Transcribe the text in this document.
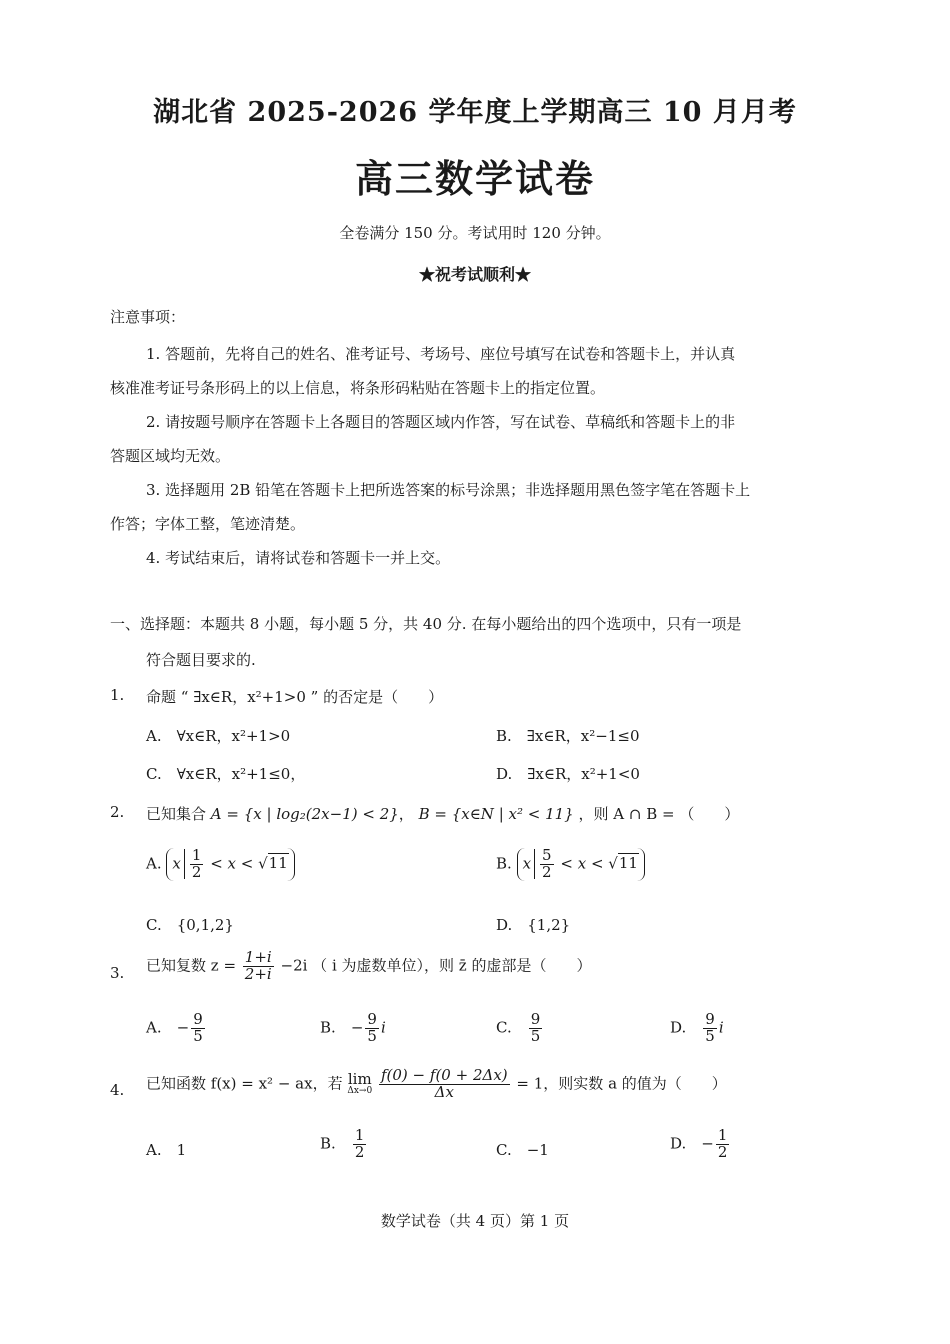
湖北省 2025-2026 学年度上学期高三 10 月月考
高三数学试卷
全卷满分 150 分。考试用时 120 分钟。
★祝考试顺利★
注意事项：
1. 答题前，先将自己的姓名、准考证号、考场号、座位号填写在试卷和答题卡上，并认真
核准准考证号条形码上的以上信息，将条形码粘贴在答题卡上的指定位置。
2. 请按题号顺序在答题卡上各题目的答题区域内作答，写在试卷、草稿纸和答题卡上的非
答题区域均无效。
3. 选择题用 2B 铅笔在答题卡上把所选答案的标号涂黑；非选择题用黑色签字笔在答题卡上
作答；字体工整，笔迹清楚。
4. 考试结束后，请将试卷和答题卡一并上交。
一、选择题：本题共 8 小题，每小题 5 分，共 40 分. 在每小题给出的四个选项中，只有一项是
符合题目要求的.
1. 命题 “ ∃x∈R，x²+1>0 ” 的否定是（　　）
A.　∀x∈R，x²+1>0	B.　∃x∈R，x²−1≤0
C.　∀x∈R，x²+1≤0，	D.　∃x∈R，x²+1<0
2. 已知集合 A = {x | log₂(2x−1) < 2}， B = {x∈N | x² < 11} ，则 A ∩ B = （　　）
A. x $\frac{1}{2} < x < √11$	B. x $\frac{5}{2} < x < √11$
C.　{0,1,2}	D.　{1,2}
3. 已知复数 $z = \frac{1+i}{2+i} -2i$ （ i 为虚数单位），则 z̄ 的虚部是（　　）
A.　 − $\frac{9}{5}$	B.　 − $\frac{9}{5}$ i	C.　 $\frac{9}{5}$	D.　 $\frac{9}{5}$ i
4. 已知函数 f(x) = x² − ax，若 lim
Δx→0
$\frac{f(0) - f(0 + 2\Delta x)}{\Delta x} = 1$，则实数 a 的值为（　　）
A.　1	B.　 $\frac{1}{2}$	C.　−1	D.　 − $\frac{1}{2}$
数学试卷（共 4 页）第 1 页
